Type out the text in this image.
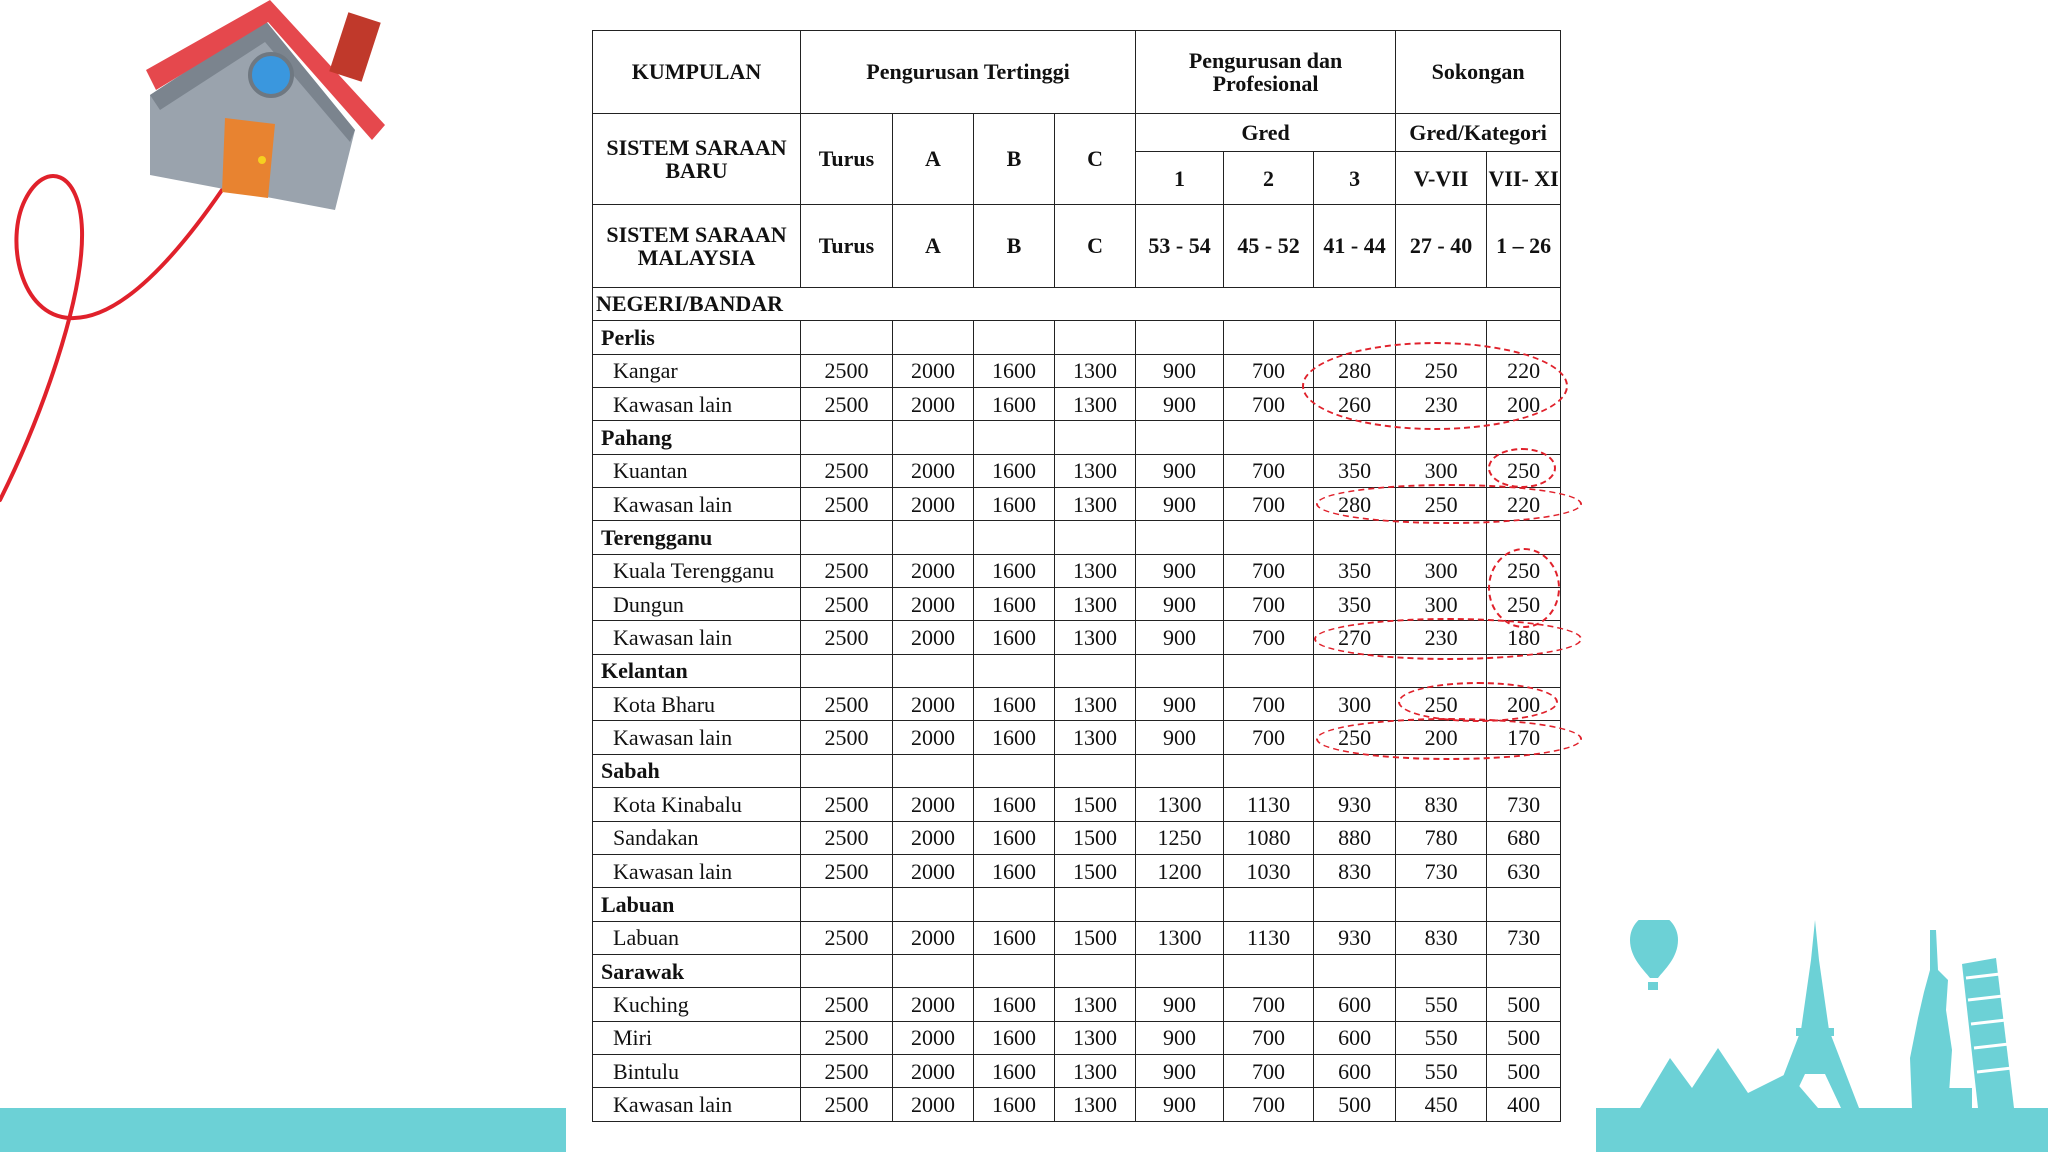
KUMPULAN	Pengurusan Tertinggi				Pengurusan dan Profesional			Sokongan	
SISTEM SARAAN BARU	Turus	A	B	C	Gred			Gred/Kategori	
					1	2	3	V-VII	VII- XI
SISTEM SARAAN MALAYSIA	Turus	A	B	C	53 - 54	45 - 52	41 - 44	27 - 40	1 – 26
NEGERI/BANDAR									
Perlis									
Kangar	2500	2000	1600	1300	900	700	280	250	220
Kawasan lain	2500	2000	1600	1300	900	700	260	230	200
Pahang									
Kuantan	2500	2000	1600	1300	900	700	350	300	250
Kawasan lain	2500	2000	1600	1300	900	700	280	250	220
Terengganu									
Kuala Terengganu	2500	2000	1600	1300	900	700	350	300	250
Dungun	2500	2000	1600	1300	900	700	350	300	250
Kawasan lain	2500	2000	1600	1300	900	700	270	230	180
Kelantan									
Kota Bharu	2500	2000	1600	1300	900	700	300	250	200
Kawasan lain	2500	2000	1600	1300	900	700	250	200	170
Sabah									
Kota Kinabalu	2500	2000	1600	1500	1300	1130	930	830	730
Sandakan	2500	2000	1600	1500	1250	1080	880	780	680
Kawasan lain	2500	2000	1600	1500	1200	1030	830	730	630
Labuan									
Labuan	2500	2000	1600	1500	1300	1130	930	830	730
Sarawak									
Kuching	2500	2000	1600	1300	900	700	600	550	500
Miri	2500	2000	1600	1300	900	700	600	550	500
Bintulu	2500	2000	1600	1300	900	700	600	550	500
Kawasan lain	2500	2000	1600	1300	900	700	500	450	400
